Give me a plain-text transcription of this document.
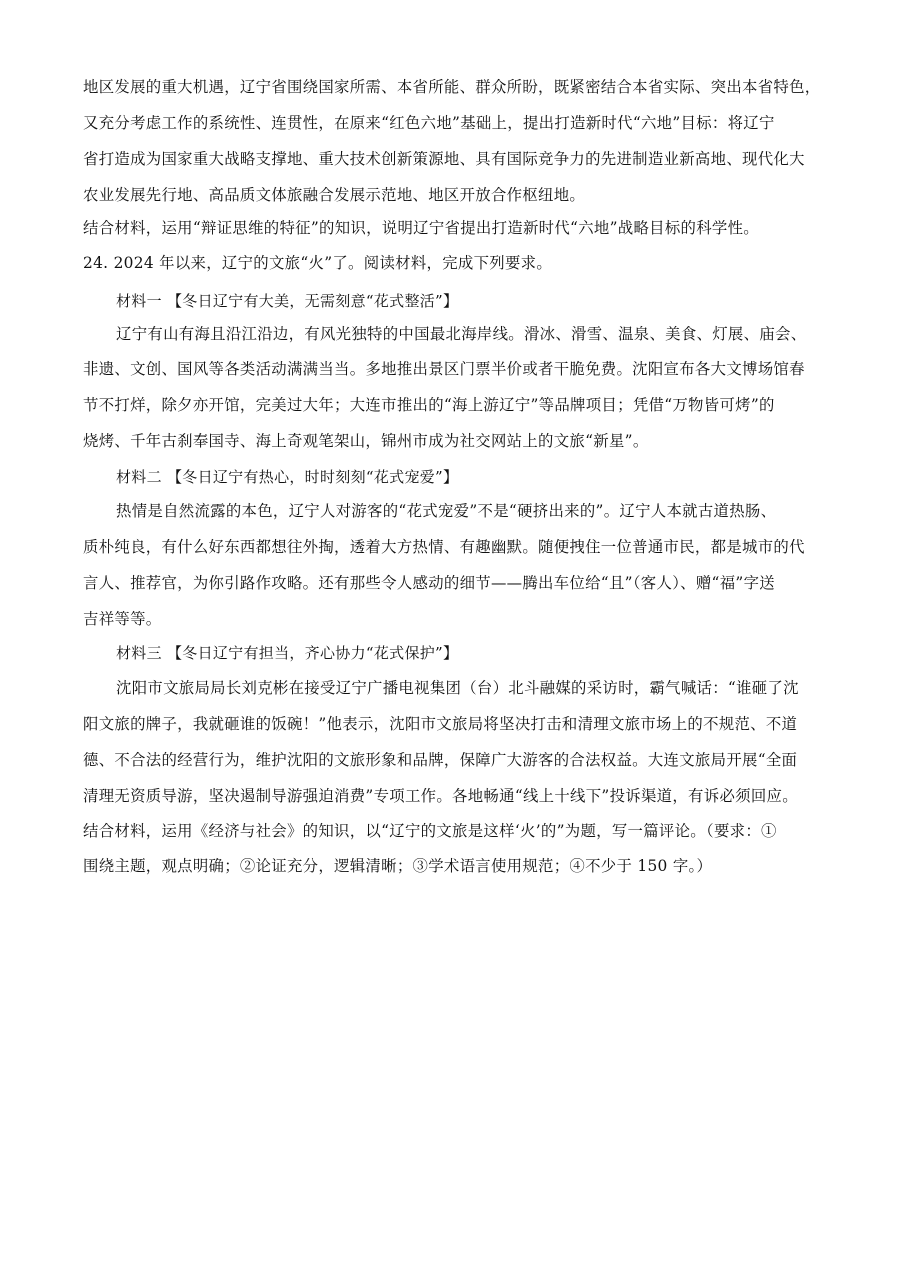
地区发展的重大机遇，辽宁省围绕国家所需、本省所能、群众所盼，既紧密结合本省实际、突出本省特色，
又充分考虑工作的系统性、连贯性，在原来“红色六地”基础上，提出打造新时代“六地”目标：将辽宁
省打造成为国家重大战略支撑地、重大技术创新策源地、具有国际竞争力的先进制造业新高地、现代化大
农业发展先行地、高品质文体旅融合发展示范地、地区开放合作枢纽地。
结合材料，运用“辩证思维的特征”的知识，说明辽宁省提出打造新时代“六地”战略目标的科学性。
24. 2024 年以来，辽宁的文旅“火”了。阅读材料，完成下列要求。
材料一 【冬日辽宁有大美，无需刻意“花式整活”】
辽宁有山有海且沿江沿边，有风光独特的中国最北海岸线。滑冰、滑雪、温泉、美食、灯展、庙会、
非遗、文创、国风等各类活动满满当当。多地推出景区门票半价或者干脆免费。沈阳宣布各大文博场馆春
节不打烊，除夕亦开馆，完美过大年；大连市推出的“海上游辽宁”等品牌项目；凭借“万物皆可烤”的
烧烤、千年古刹奉国寺、海上奇观笔架山，锦州市成为社交网站上的文旅“新星”。
材料二 【冬日辽宁有热心，时时刻刻“花式宠爱”】
热情是自然流露的本色，辽宁人对游客的“花式宠爱”不是“硬挤出来的”。辽宁人本就古道热肠、
质朴纯良，有什么好东西都想往外掏，透着大方热情、有趣幽默。随便拽住一位普通市民，都是城市的代
言人、推荐官，为你引路作攻略。还有那些令人感动的细节——腾出车位给“且”（客人）、赠“福”字送
吉祥等等。
材料三 【冬日辽宁有担当，齐心协力“花式保护”】
沈阳市文旅局局长刘克彬在接受辽宁广播电视集团（台）北斗融媒的采访时，霸气喊话：“谁砸了沈
阳文旅的牌子，我就砸谁的饭碗！”他表示，沈阳市文旅局将坚决打击和清理文旅市场上的不规范、不道
德、不合法的经营行为，维护沈阳的文旅形象和品牌，保障广大游客的合法权益。大连文旅局开展“全面
清理无资质导游，坚决遏制导游强迫消费”专项工作。各地畅通“线上十线下”投诉渠道，有诉必须回应。
结合材料，运用《经济与社会》的知识，以“辽宁的文旅是这样‘火’的”为题，写一篇评论。（要求：①
围绕主题，观点明确；②论证充分，逻辑清晰；③学术语言使用规范；④不少于 150 字。）
